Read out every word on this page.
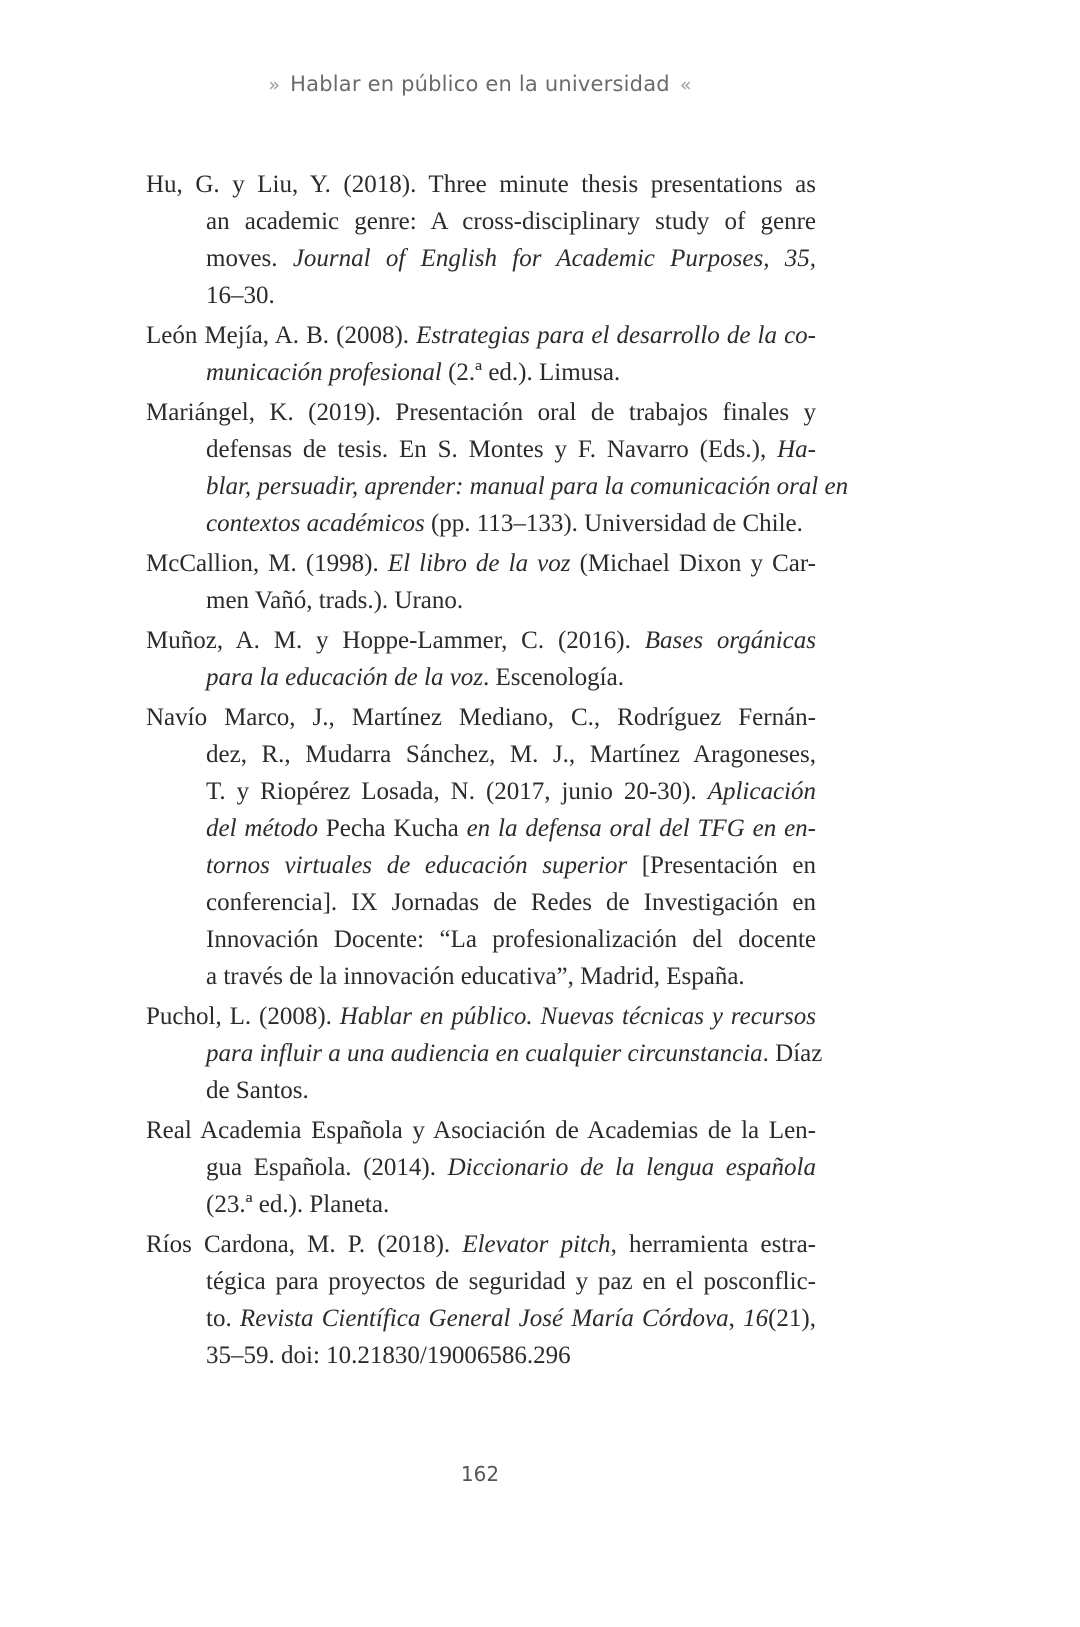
» Hablar en público en la universidad «
Hu, G. y Liu, Y. (2018). Three minute thesis presentations as
an academic genre: A cross-disciplinary study of genre
moves. Journal of English for Academic Purposes, 35,
16–30.
León Mejía, A. B. (2008). Estrategias para el desarrollo de la co-
municación profesional (2.ª ed.). Limusa.
Mariángel, K. (2019). Presentación oral de trabajos finales y
defensas de tesis. En S. Montes y F. Navarro (Eds.), Ha-
blar, persuadir, aprender: manual para la comunicación oral en
contextos académicos (pp. 113–133). Universidad de Chile.
McCallion, M. (1998). El libro de la voz (Michael Dixon y Car-
men Vañó, trads.). Urano.
Muñoz, A. M. y Hoppe-Lammer, C. (2016). Bases orgánicas
para la educación de la voz. Escenología.
Navío Marco, J., Martínez Mediano, C., Rodríguez Fernán-
dez, R., Mudarra Sánchez, M. J., Martínez Aragoneses,
T. y Riopérez Losada, N. (2017, junio 20-30). Aplicación
del método Pecha Kucha en la defensa oral del TFG en en-
tornos virtuales de educación superior [Presentación en
conferencia]. IX Jornadas de Redes de Investigación en
Innovación Docente: “La profesionalización del docente
a través de la innovación educativa”, Madrid, España.
Puchol, L. (2008). Hablar en público. Nuevas técnicas y recursos
para influir a una audiencia en cualquier circunstancia. Díaz
de Santos.
Real Academia Española y Asociación de Academias de la Len-
gua Española. (2014). Diccionario de la lengua española
(23.ª ed.). Planeta.
Ríos Cardona, M. P. (2018). Elevator pitch, herramienta estra-
tégica para proyectos de seguridad y paz en el posconflic-
to. Revista Científica General José María Córdova, 16(21),
35–59. doi: 10.21830/19006586.296
162
